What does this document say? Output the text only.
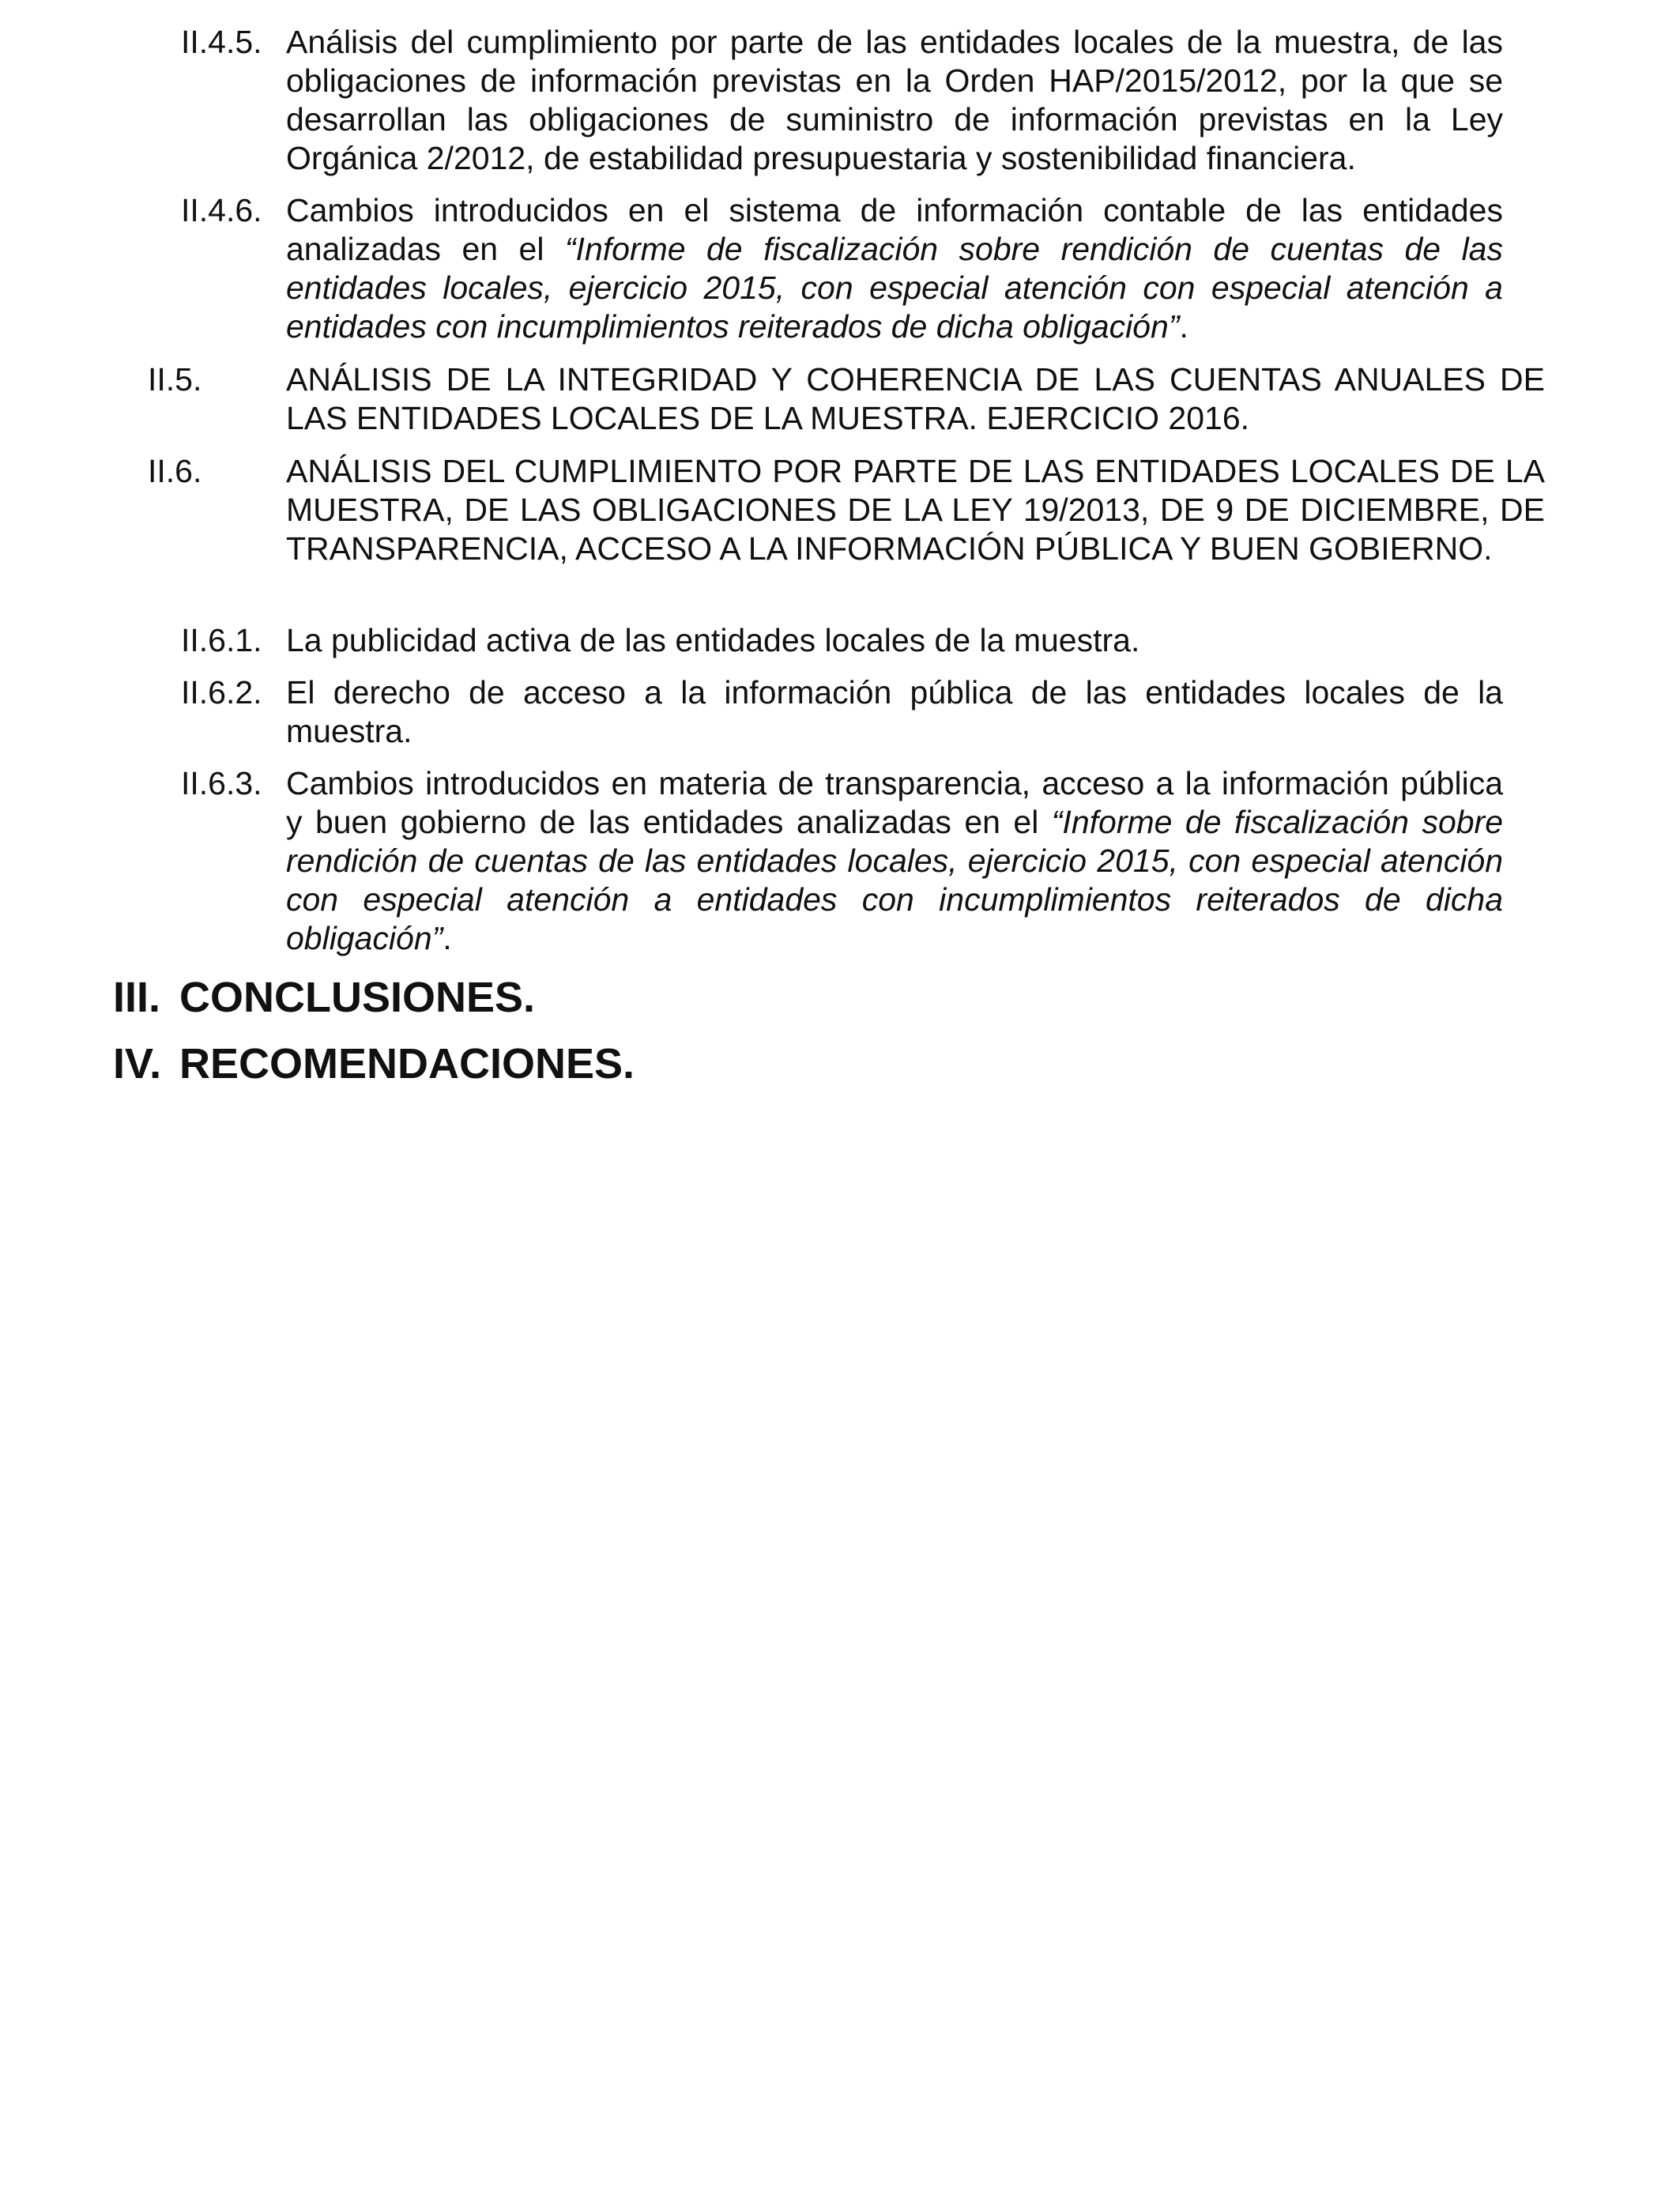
II.4.5. Análisis del cumplimiento por parte de las entidades locales de la muestra, de las obligaciones de información previstas en la Orden HAP/2015/2012, por la que se desarrollan las obligaciones de suministro de información previstas en la Ley Orgánica 2/2012, de estabilidad presupuestaria y sostenibilidad financiera.
II.4.6. Cambios introducidos en el sistema de información contable de las entidades analizadas en el “Informe de fiscalización sobre rendición de cuentas de las entidades locales, ejercicio 2015, con especial atención con especial atención a entidades con incumplimientos reiterados de dicha obligación”.
II.5.	ANÁLISIS DE LA INTEGRIDAD Y COHERENCIA DE LAS CUENTAS ANUALES DE LAS ENTIDADES LOCALES DE LA MUESTRA. EJERCICIO 2016.
II.6.	ANÁLISIS DEL CUMPLIMIENTO POR PARTE DE LAS ENTIDADES LOCALES DE LA MUESTRA, DE LAS OBLIGACIONES DE LA LEY 19/2013, DE 9 DE DICIEMBRE, DE TRANSPARENCIA, ACCESO A LA INFORMACIÓN PÚBLICA Y BUEN GOBIERNO.
II.6.1. La publicidad activa de las entidades locales de la muestra.
II.6.2. El derecho de acceso a la información pública de las entidades locales de la muestra.
II.6.3. Cambios introducidos en materia de transparencia, acceso a la información pública y buen gobierno de las entidades analizadas en el “Informe de fiscalización sobre rendición de cuentas de las entidades locales, ejercicio 2015, con especial atención con especial atención a entidades con incumplimientos reiterados de dicha obligación”.
III. CONCLUSIONES.
IV. RECOMENDACIONES.
